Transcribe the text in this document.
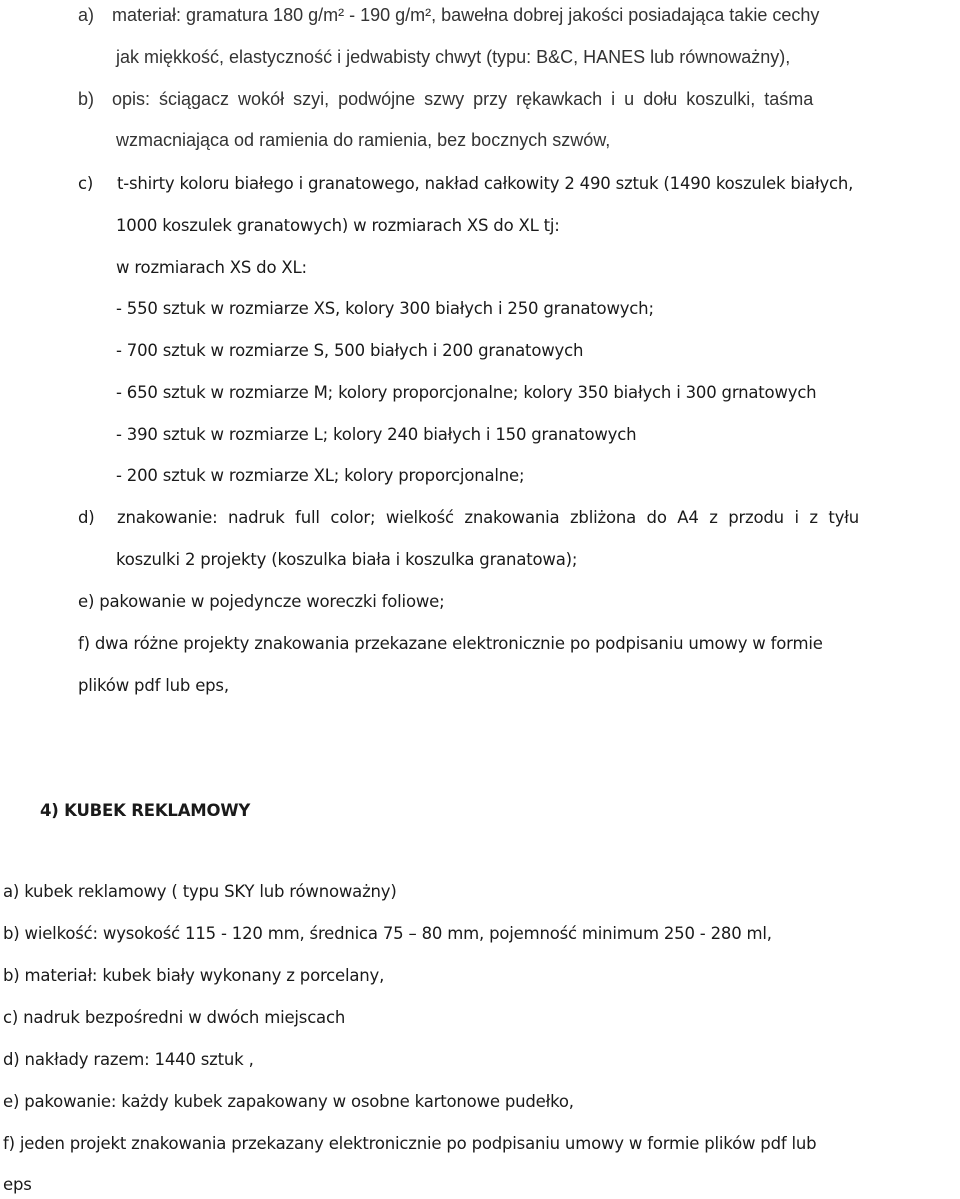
a) materiał: gramatura 180 g/m² - 190 g/m², bawełna dobrej jakości posiadająca takie cechy
jak miękkość, elastyczność i jedwabisty chwyt (typu: B&C, HANES lub równoważny),
b) opis: ściągacz wokół szyi, podwójne szwy przy rękawkach i u dołu koszulki, taśma
wzmacniająca od ramienia do ramienia, bez bocznych szwów,
c) t-shirty koloru białego i granatowego, nakład całkowity 2 490 sztuk (1490 koszulek białych,
1000 koszulek granatowych) w rozmiarach XS do XL tj:
w rozmiarach XS do XL:
- 550 sztuk w rozmiarze XS, kolory 300 białych i 250 granatowych;
- 700 sztuk w rozmiarze S, 500 białych i 200 granatowych
- 650 sztuk w rozmiarze M; kolory proporcjonalne; kolory 350 białych i 300 grnatowych
- 390 sztuk w rozmiarze L; kolory 240 białych i 150 granatowych
- 200 sztuk w rozmiarze XL; kolory proporcjonalne;
d) znakowanie: nadruk full color; wielkość znakowania zbliżona do A4 z przodu i z tyłu
koszulki 2 projekty (koszulka biała i koszulka granatowa);
e) pakowanie w pojedyncze woreczki foliowe;
f) dwa różne projekty znakowania przekazane elektronicznie po podpisaniu umowy w formie
plików pdf lub eps,
4) KUBEK REKLAMOWY
a) kubek reklamowy ( typu SKY lub równoważny)
b) wielkość: wysokość 115 - 120 mm, średnica 75 – 80 mm, pojemność minimum 250 - 280 ml,
b) materiał: kubek biały wykonany z porcelany,
c) nadruk bezpośredni w dwóch miejscach
d) nakłady razem: 1440 sztuk ,
e) pakowanie: każdy kubek zapakowany w osobne kartonowe pudełko,
f) jeden projekt znakowania przekazany elektronicznie po podpisaniu umowy w formie plików pdf lub
eps
